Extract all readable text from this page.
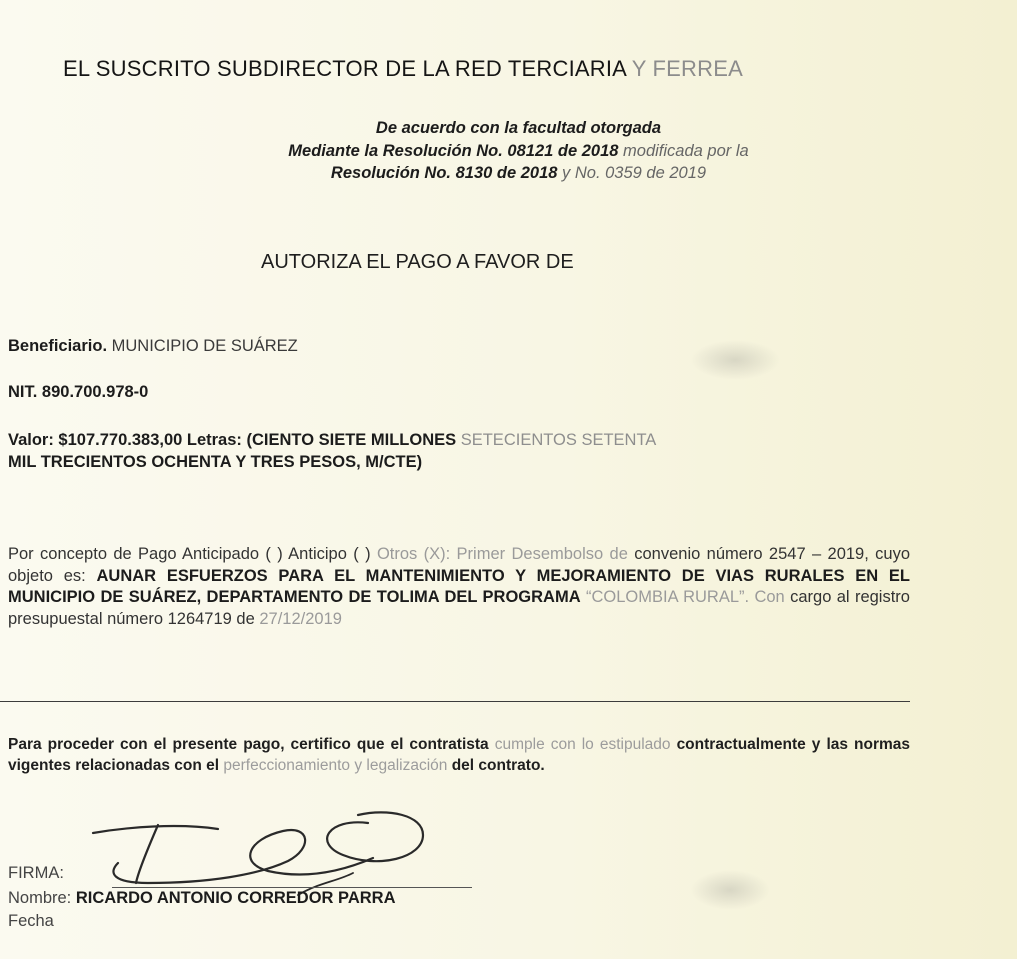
EL SUSCRITO SUBDIRECTOR DE LA RED TERCIARIA Y FERREA
De acuerdo con la facultad otorgada
Mediante la Resolución No. 08121 de 2018 modificada por la
Resolución No. 8130 de 2018 y No. 0359 de 2019
AUTORIZA EL PAGO A FAVOR DE
Beneficiario. MUNICIPIO DE SUÁREZ
NIT. 890.700.978-0
Valor: $107.770.383,00 Letras: (CIENTO SIETE MILLONES SETECIENTOS SETENTA
MIL TRECIENTOS OCHENTA Y TRES PESOS, M/CTE)
Por concepto de Pago Anticipado ( ) Anticipo ( ) Otros (X): Primer Desembolso de convenio número 2547 – 2019, cuyo objeto es: AUNAR ESFUERZOS PARA EL MANTENIMIENTO Y MEJORAMIENTO DE VIAS RURALES EN EL MUNICIPIO DE SUÁREZ, DEPARTAMENTO DE TOLIMA DEL PROGRAMA “COLOMBIA RURAL”. Con cargo al registro presupuestal número 1264719 de 27/12/2019
Para proceder con el presente pago, certifico que el contratista cumple con lo estipulado contractualmente y las normas vigentes relacionadas con el perfeccionamiento y legalización del contrato.
FIRMA:
Nombre: RICARDO ANTONIO CORREDOR PARRA
Fecha
